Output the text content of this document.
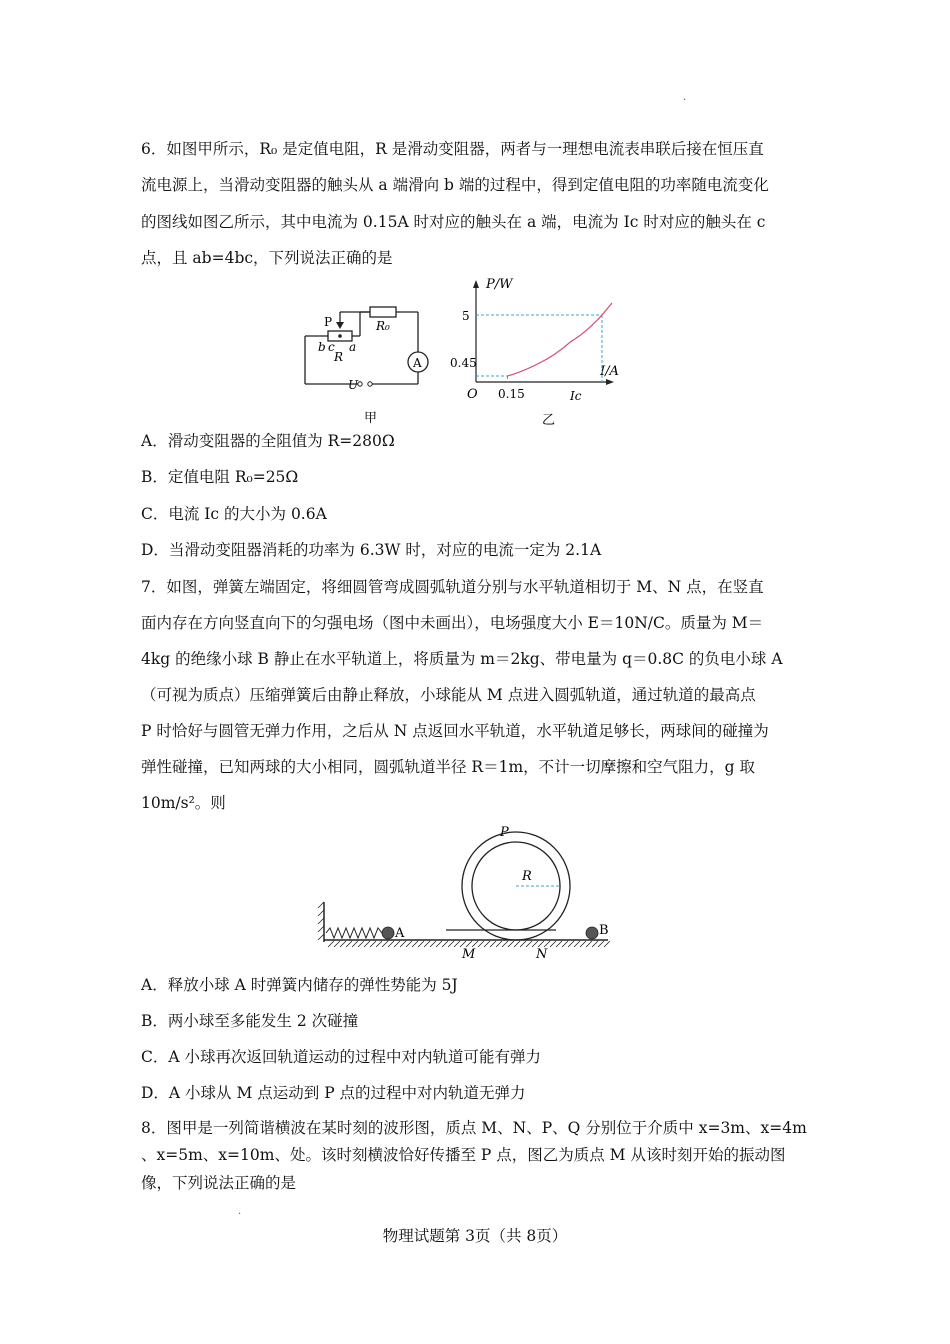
.
6．如图甲所示，R₀ 是定值电阻，R 是滑动变阻器，两者与一理想电流表串联后接在恒压直
流电源上，当滑动变阻器的触头从 a 端滑向 b 端的过程中，得到定值电阻的功率随电流变化
的图线如图乙所示，其中电流为 0.15A 时对应的触头在 a 端，电流为 Ic 时对应的触头在 c
点，且 ab=4bc，下列说法正确的是
A
U
P
b c a
R
R₀
甲
P/W
I/A
O
5
0.45
0.15	Ic
乙
A．滑动变阻器的全阻值为 R=280Ω
B．定值电阻 R₀=25Ω
C．电流 Ic 的大小为 0.6A
D．当滑动变阻器消耗的功率为 6.3W 时，对应的电流一定为 2.1A
7．如图，弹簧左端固定，将细圆管弯成圆弧轨道分别与水平轨道相切于 M、N 点，在竖直
面内存在方向竖直向下的匀强电场（图中未画出），电场强度大小 E＝10N/C。质量为 M＝
4kg 的绝缘小球 B 静止在水平轨道上，将质量为 m＝2kg、带电量为 q＝0.8C 的负电小球 A
（可视为质点）压缩弹簧后由静止释放，小球能从 M 点进入圆弧轨道，通过轨道的最高点
P 时恰好与圆管无弹力作用，之后从 N 点返回水平轨道，水平轨道足够长，两球间的碰撞为
弹性碰撞，已知两球的大小相同，圆弧轨道半径 R＝1m，不计一切摩擦和空气阻力，g 取
10m/s²。则
A
R
P
M	N
B
A．释放小球 A 时弹簧内储存的弹性势能为 5J
B．两小球至多能发生 2 次碰撞
C．A 小球再次返回轨道运动的过程中对内轨道可能有弹力
D．A 小球从 M 点运动到 P 点的过程中对内轨道无弹力
8．图甲是一列简谐横波在某时刻的波形图，质点 M、N、P、Q 分别位于介质中 x=3m、x=4m
、x=5m、x=10m、处。该时刻横波恰好传播至 P 点，图乙为质点 M 从该时刻开始的振动图
像，下列说法正确的是
.
物理试题第 3页（共 8页）
